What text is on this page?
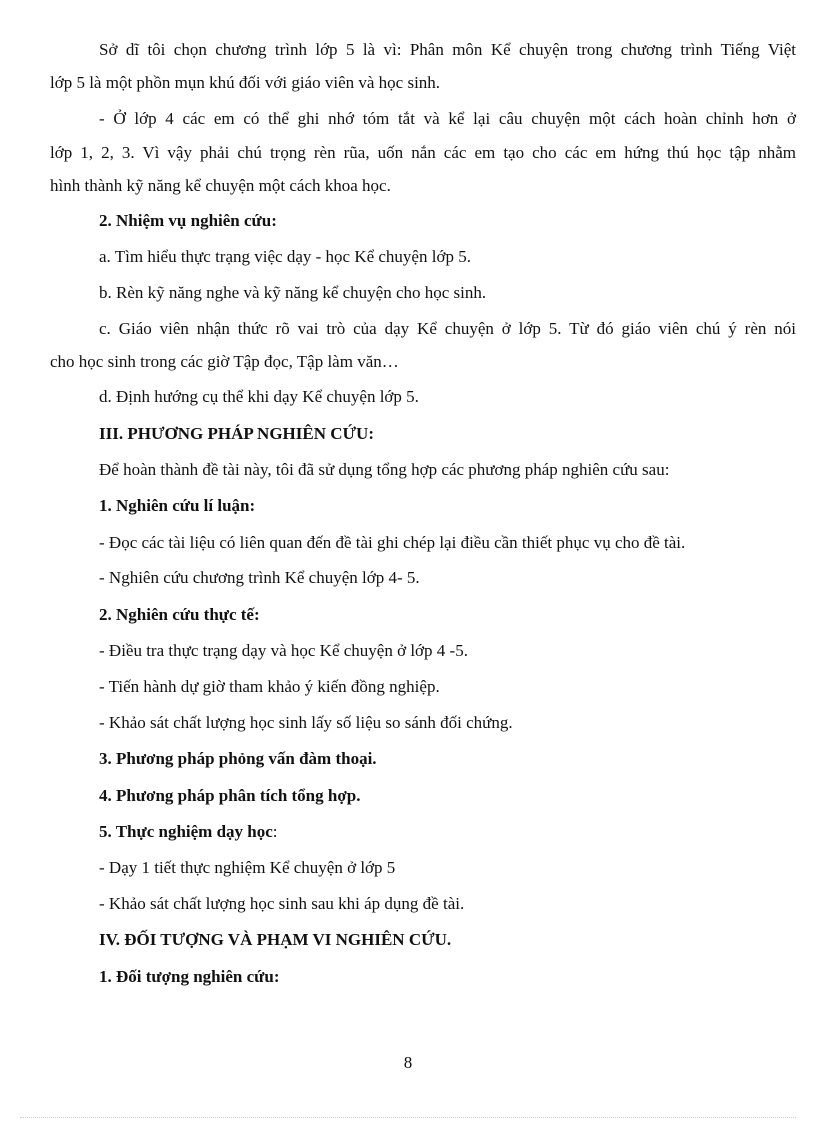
Sở dĩ tôi chọn chương trình lớp 5 là vì: Phân môn Kể chuyện trong chương trình Tiếng Việt
lớp 5 là một phồn mụn khú đối với giáo viên và học sinh.
- Ở lớp 4 các em có thể ghi nhớ tóm tắt và kể lại câu chuyện một cách hoàn chỉnh hơn ở
lớp 1, 2, 3. Vì vậy phải chú trọng rèn rũa, uốn nắn các em tạo cho các em hứng thú học tập nhằm
hình thành kỹ năng kể chuyện một cách khoa học.
2. Nhiệm vụ nghiên cứu:
a. Tìm hiểu thực trạng việc dạy - học Kể chuyện lớp 5.
b. Rèn kỹ năng nghe và kỹ năng kể chuyện cho học sinh.
c. Giáo viên nhận thức rõ vai trò của dạy Kể chuyện ở lớp 5. Từ đó giáo viên chú ý rèn nói
cho học sinh trong các giờ Tập đọc, Tập làm văn…
d. Định hướng cụ thể khi dạy Kể chuyện lớp 5.
III. PHƯƠNG PHÁP NGHIÊN CỨU:
Để hoàn thành đề tài này, tôi đã sử dụng tổng hợp các phương pháp nghiên cứu sau:
1. Nghiên cứu lí luận:
- Đọc các tài liệu có liên quan đến đề tài ghi chép lại điều cần thiết phục vụ cho đề tài.
- Nghiên cứu chương trình Kể chuyện lớp 4- 5.
2. Nghiên cứu thực tế:
- Điều tra thực trạng dạy và học Kể chuyện ở lớp 4 -5.
- Tiến hành dự giờ tham khảo ý kiến đồng nghiệp.
- Khảo sát chất lượng học sinh lấy số liệu so sánh đối chứng.
3. Phương pháp phỏng vấn đàm thoại.
4. Phương pháp phân tích tổng hợp.
5. Thực nghiệm dạy học:
- Dạy 1 tiết thực nghiệm Kể chuyện ở lớp 5
- Khảo sát chất lượng học sinh sau khi áp dụng đề tài.
IV. ĐỐI TƯỢNG VÀ PHẠM VI NGHIÊN CỨU.
1. Đối tượng nghiên cứu:
8
